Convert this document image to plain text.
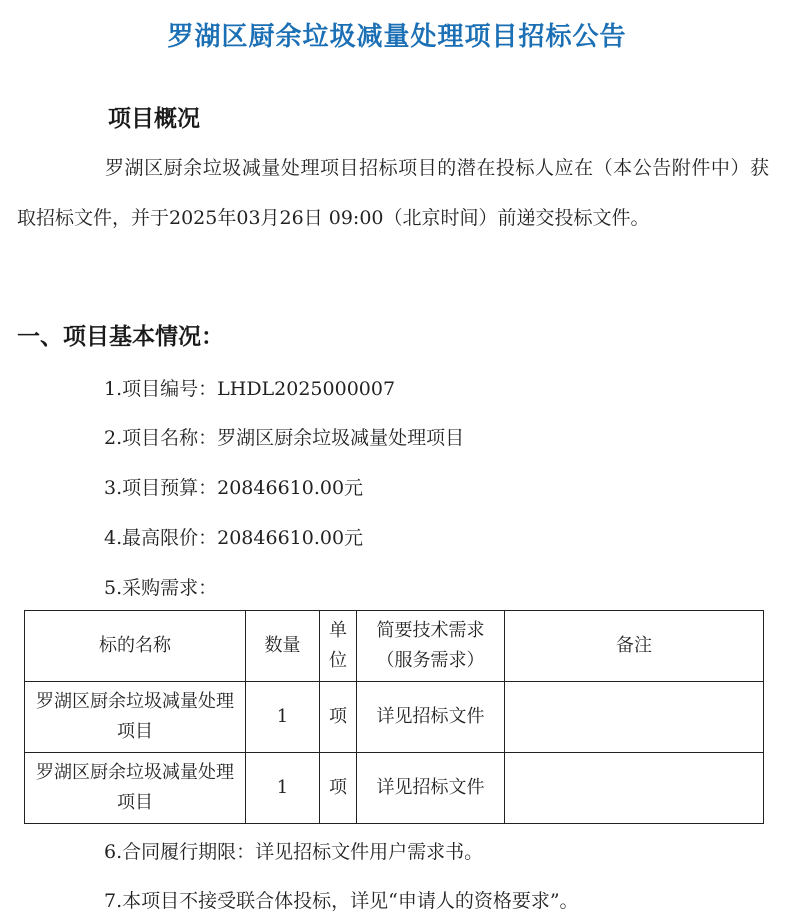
罗湖区厨余垃圾减量处理项目招标公告
项目概况
罗湖区厨余垃圾减量处理项目招标项目的潜在投标人应在（本公告附件中）获取招标文件，并于2025年03月26日 09:00（北京时间）前递交投标文件。
一、项目基本情况：
1.项目编号：LHDL2025000007
2.项目名称：罗湖区厨余垃圾减量处理项目
3.项目预算：20846610.00元
4.最高限价：20846610.00元
5.采购需求：
标的名称	数量	单位	简要技术需求（服务需求）	备注
罗湖区厨余垃圾减量处理项目	1	项	详见招标文件	
罗湖区厨余垃圾减量处理项目	1	项	详见招标文件	
6.合同履行期限：详见招标文件用户需求书。
7.本项目不接受联合体投标，详见“申请人的资格要求”。
